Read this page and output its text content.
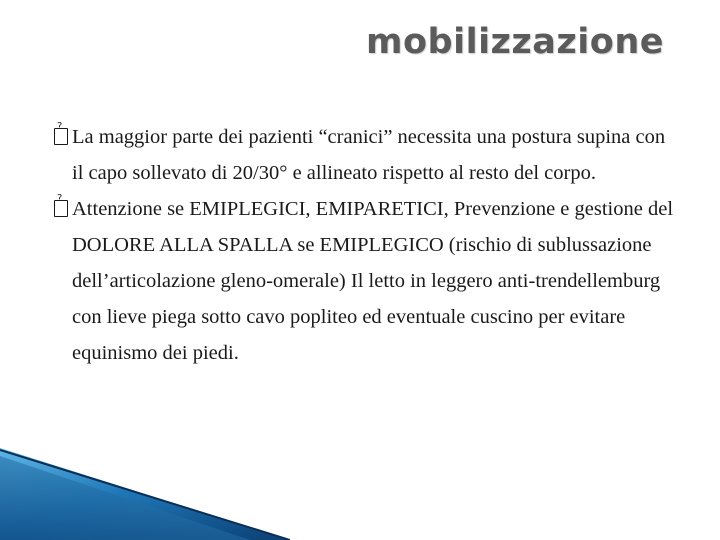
mobilizzazione
?
La maggior parte dei pazienti “cranici” necessita una postura supina con il capo sollevato di 20/30° e allineato rispetto al resto del corpo.
?
Attenzione se EMIPLEGICI, EMIPARETICI, Prevenzione e gestione del DOLORE ALLA SPALLA se EMIPLEGICO (rischio di sublussazione dell’articolazione gleno-omerale) Il letto in leggero anti-trendellemburg con lieve piega sotto cavo popliteo ed eventuale cuscino per evitare equinismo dei piedi.
